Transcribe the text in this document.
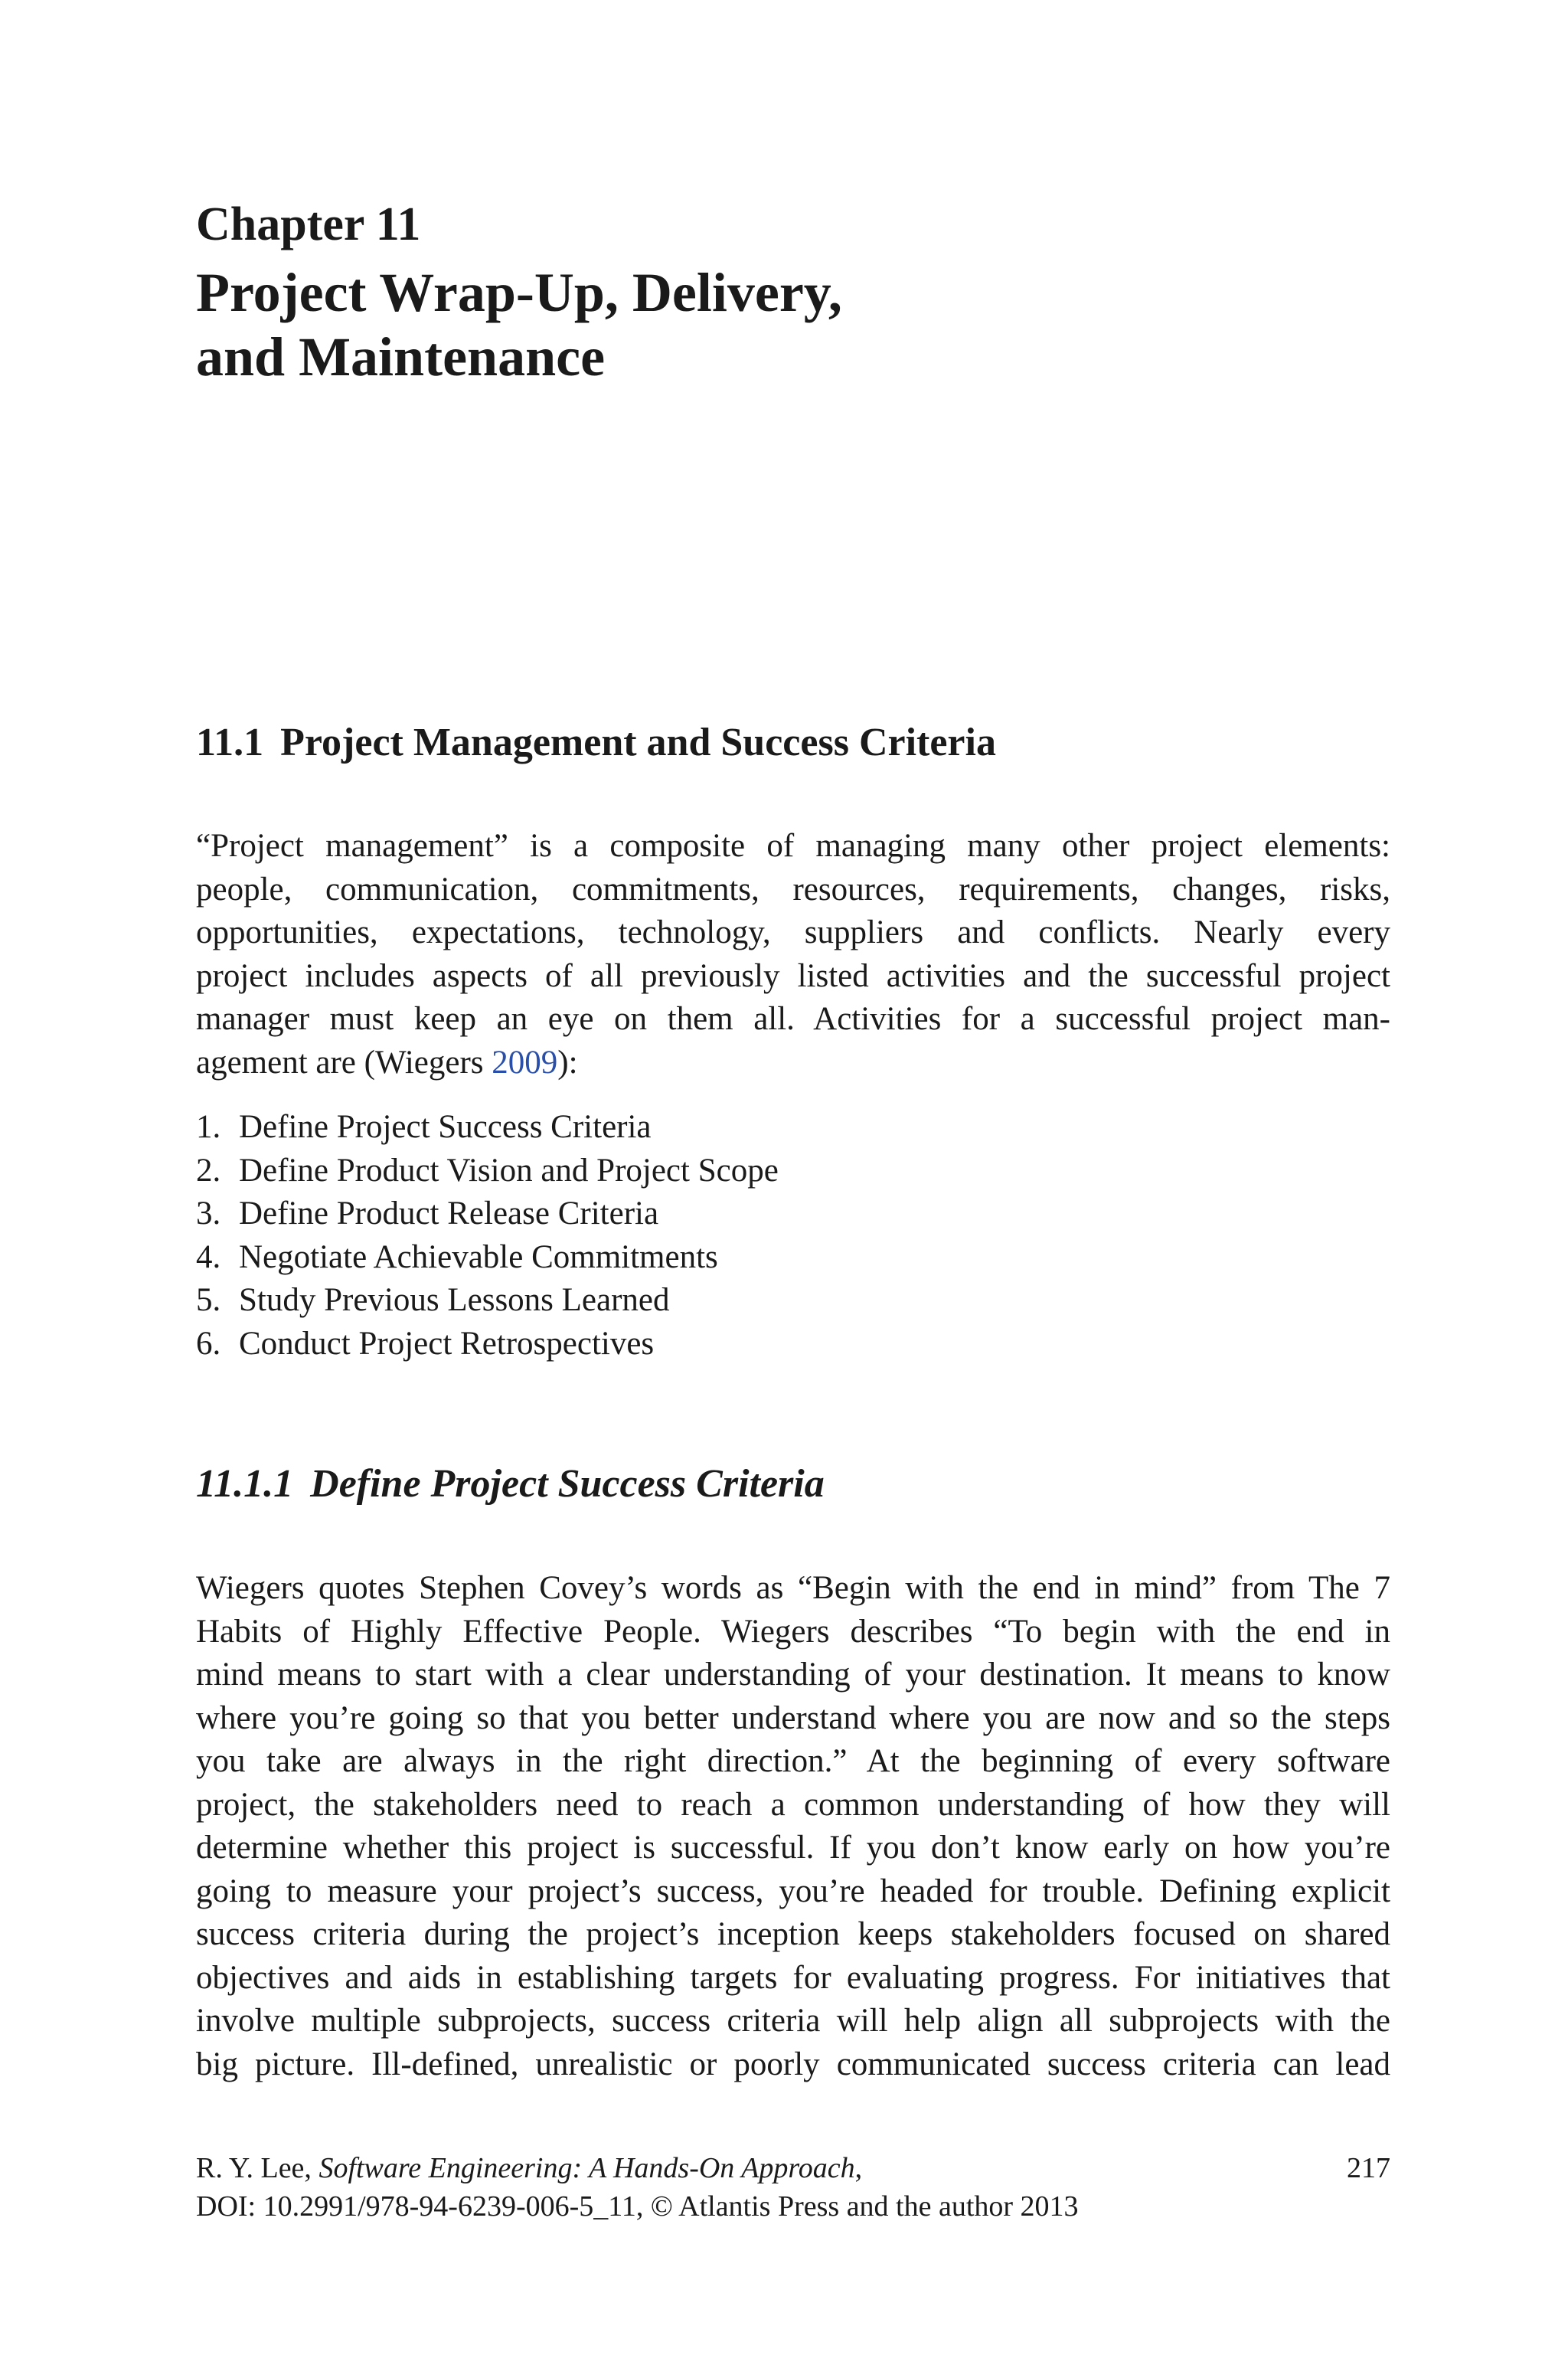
Chapter 11
Project Wrap-Up, Delivery,
and Maintenance
11.1 Project Management and Success Criteria
“Project management” is a composite of managing many other project elements:
people, communication, commitments, resources, requirements, changes, risks,
opportunities, expectations, technology, suppliers and conflicts. Nearly every
project includes aspects of all previously listed activities and the successful project
manager must keep an eye on them all. Activities for a successful project man-
agement are (Wiegers 2009):
1. Define Project Success Criteria
2. Define Product Vision and Project Scope
3. Define Product Release Criteria
4. Negotiate Achievable Commitments
5. Study Previous Lessons Learned
6. Conduct Project Retrospectives
11.1.1 Define Project Success Criteria
Wiegers quotes Stephen Covey’s words as “Begin with the end in mind” from The 7
Habits of Highly Effective People. Wiegers describes “To begin with the end in
mind means to start with a clear understanding of your destination. It means to know
where you’re going so that you better understand where you are now and so the steps
you take are always in the right direction.” At the beginning of every software
project, the stakeholders need to reach a common understanding of how they will
determine whether this project is successful. If you don’t know early on how you’re
going to measure your project’s success, you’re headed for trouble. Defining explicit
success criteria during the project’s inception keeps stakeholders focused on shared
objectives and aids in establishing targets for evaluating progress. For initiatives that
involve multiple subprojects, success criteria will help align all subprojects with the
big picture. Ill-defined, unrealistic or poorly communicated success criteria can lead
R. Y. Lee, Software Engineering: A Hands-On Approach,
DOI: 10.2991/978-94-6239-006-5_11, © Atlantis Press and the author 2013
217
